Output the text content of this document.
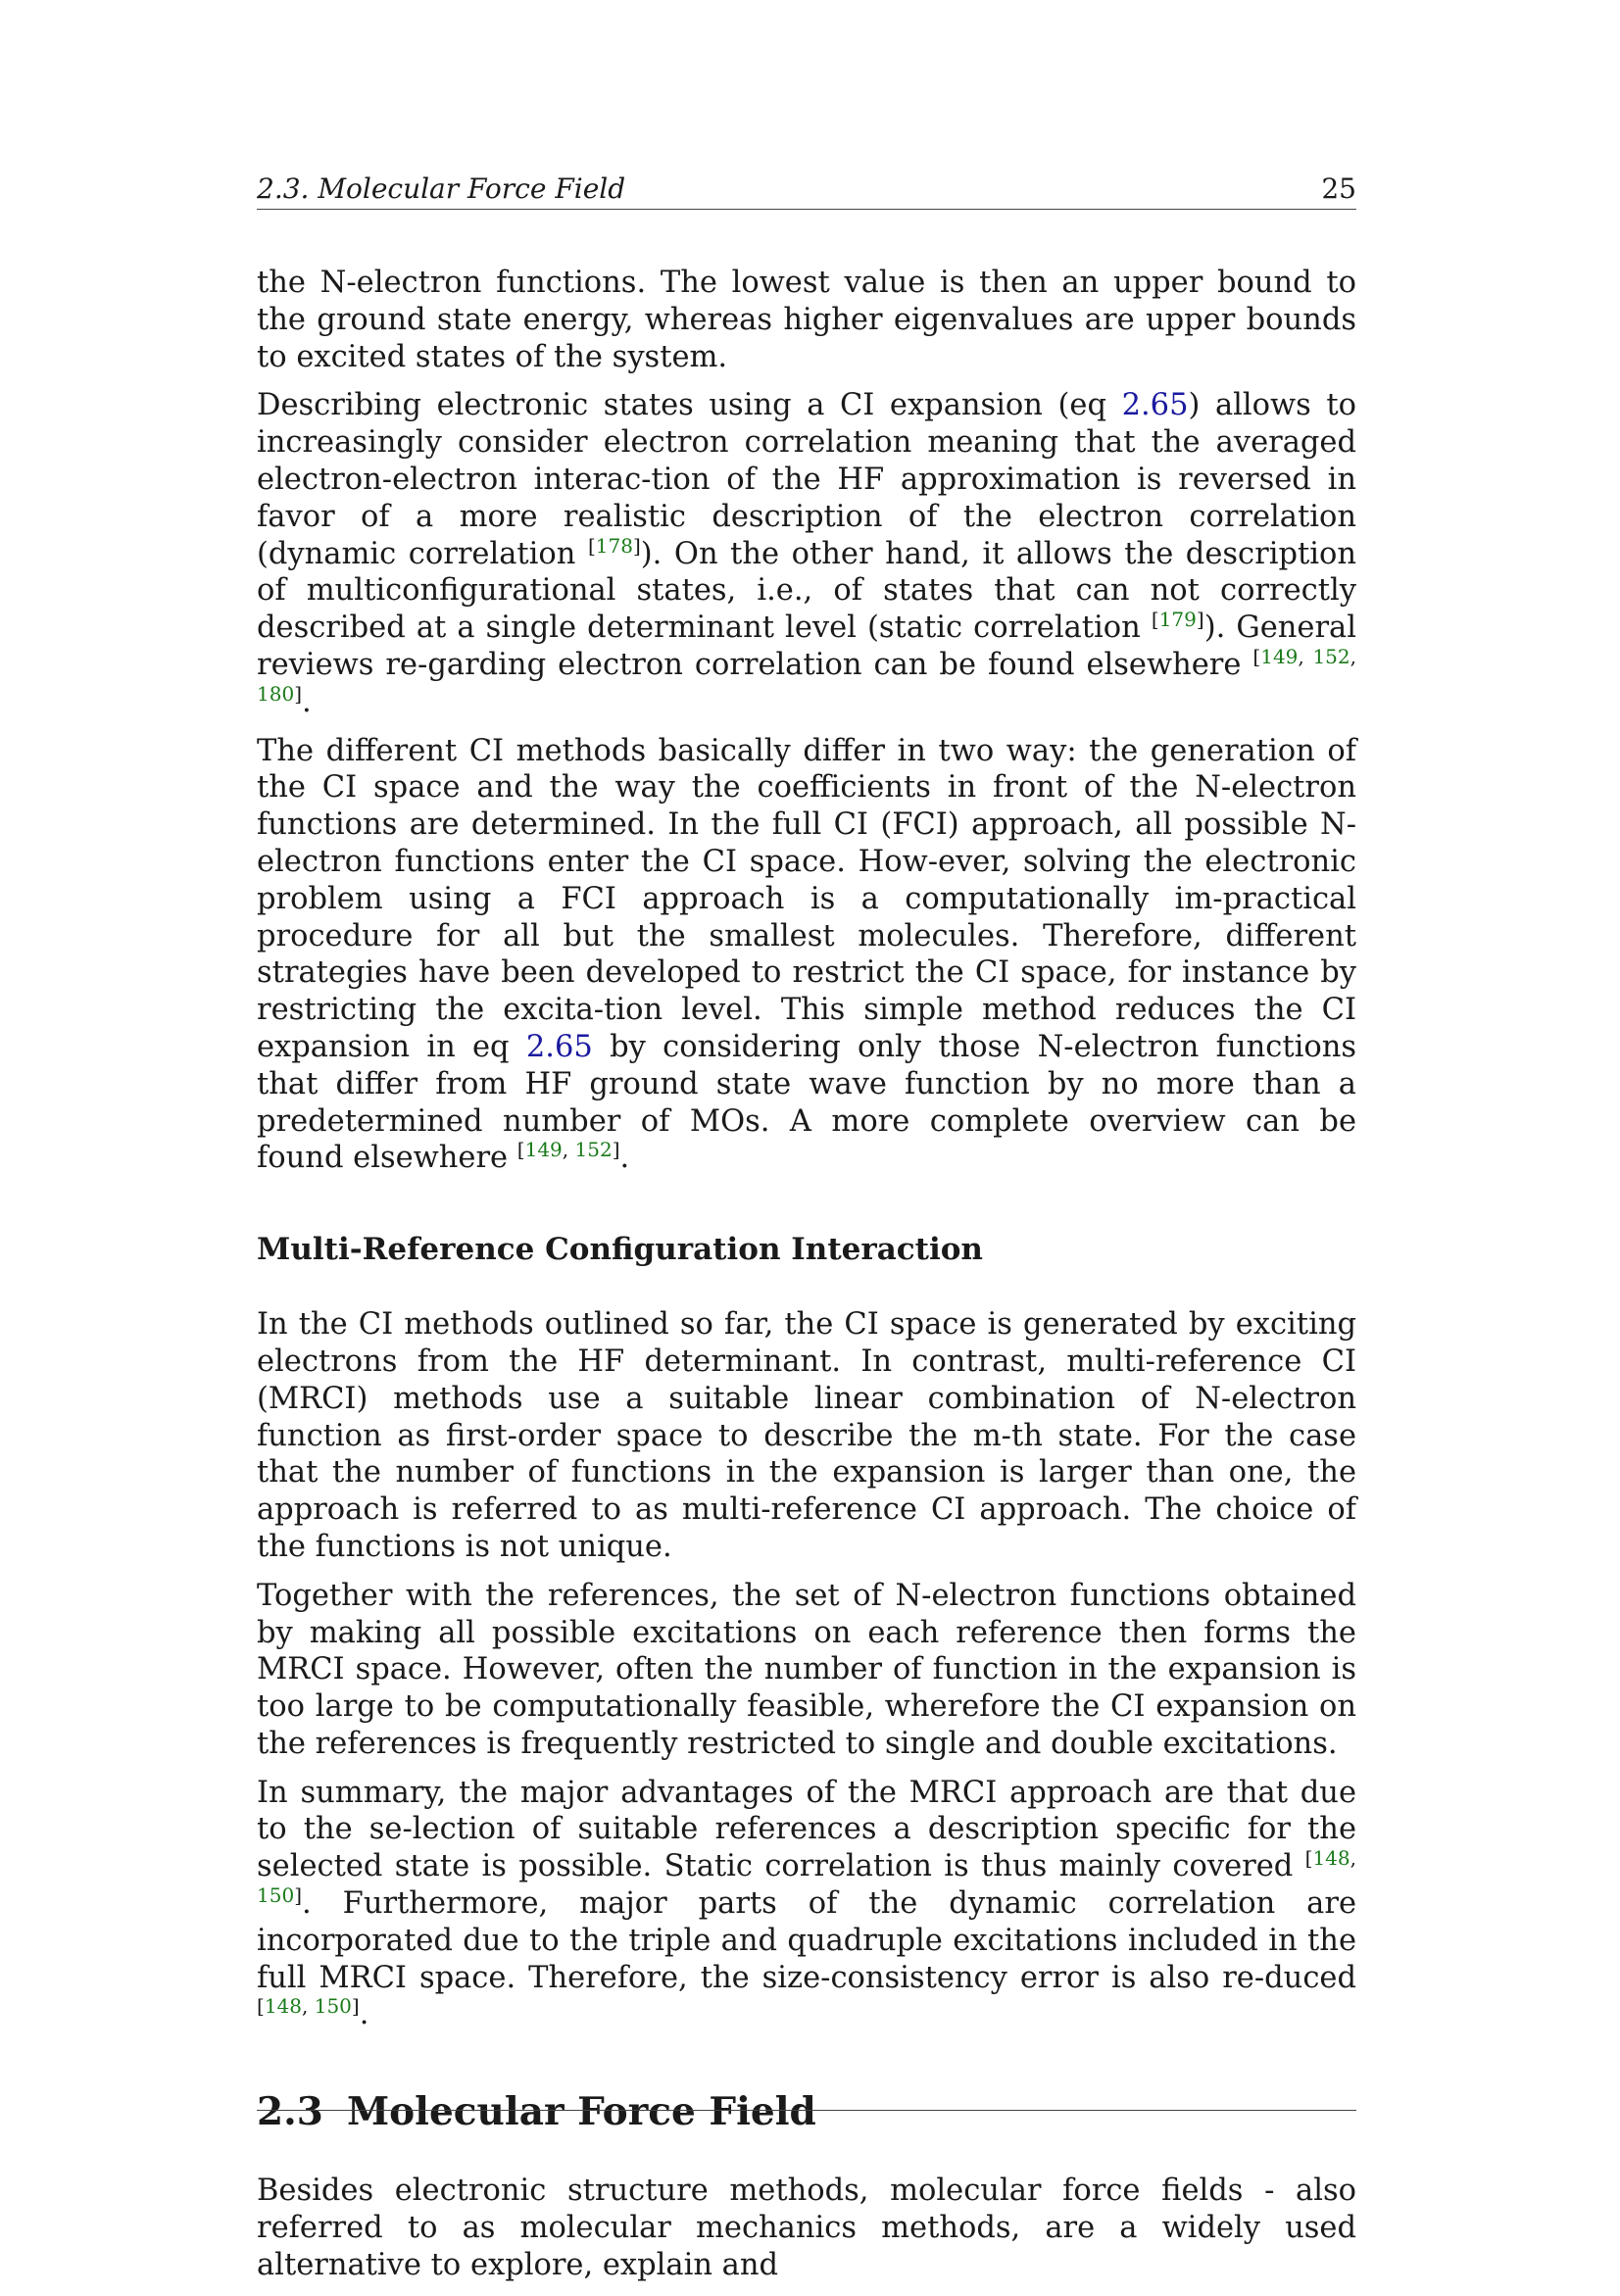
2.3. Molecular Force Field	25

the N-electron functions. The lowest value is then an upper bound to the ground state energy, whereas higher eigenvalues are upper bounds to excited states of the system.

Describing electronic states using a CI expansion (eq 2.65) allows to increasingly consider electron correlation meaning that the averaged electron-electron interac-tion of the HF approximation is reversed in favor of a more realistic description of the electron correlation (dynamic correlation [178]). On the other hand, it allows the description of multiconfigurational states, i.e., of states that can not correctly described at a single determinant level (static correlation [179]). General reviews re-garding electron correlation can be found elsewhere [149, 152, 180].

The different CI methods basically differ in two way: the generation of the CI space and the way the coefficients in front of the N-electron functions are determined. In the full CI (FCI) approach, all possible N-electron functions enter the CI space. How-ever, solving the electronic problem using a FCI approach is a computationally im-practical procedure for all but the smallest molecules. Therefore, different strategies have been developed to restrict the CI space, for instance by restricting the excita-tion level. This simple method reduces the CI expansion in eq 2.65 by considering only those N-electron functions that differ from HF ground state wave function by no more than a predetermined number of MOs. A more complete overview can be found elsewhere [149, 152].

Multi-Reference Configuration Interaction

In the CI methods outlined so far, the CI space is generated by exciting electrons from the HF determinant. In contrast, multi-reference CI (MRCI) methods use a suitable linear combination of N-electron function as first-order space to describe the m-th state. For the case that the number of functions in the expansion is larger than one, the approach is referred to as multi-reference CI approach. The choice of the functions is not unique.

Together with the references, the set of N-electron functions obtained by making all possible excitations on each reference then forms the MRCI space. However, often the number of function in the expansion is too large to be computationally feasible, wherefore the CI expansion on the references is frequently restricted to single and double excitations.

In summary, the major advantages of the MRCI approach are that due to the se-lection of suitable references a description specific for the selected state is possible. Static correlation is thus mainly covered [148, 150]. Furthermore, major parts of the dynamic correlation are incorporated due to the triple and quadruple excitations included in the full MRCI space. Therefore, the size-consistency error is also re-duced [148, 150].

2.3 Molecular Force Field

Besides electronic structure methods, molecular force fields - also referred to as molecular mechanics methods, are a widely used alternative to explore, explain and
